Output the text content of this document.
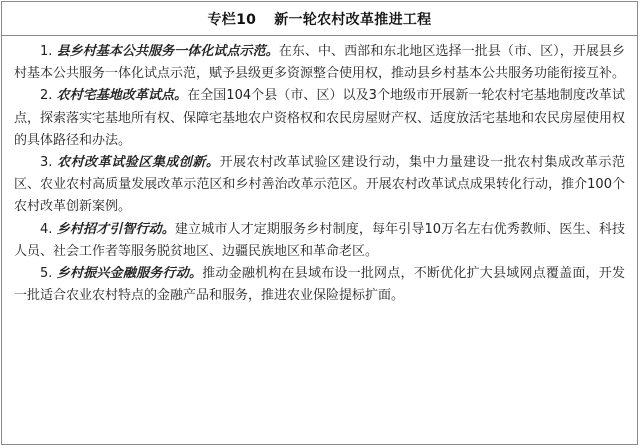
专栏10 新一轮农村改革推进工程

1. 县乡村基本公共服务一体化试点示范。在东、中、西部和东北地区选择一批县（市、区），开展县乡村基本公共服务一体化试点示范，赋予县级更多资源整合使用权，推动县乡村基本公共服务功能衔接互补。

2. 农村宅基地改革试点。在全国104个县（市、区）以及3个地级市开展新一轮农村宅基地制度改革试点，探索落实宅基地所有权、保障宅基地农户资格权和农民房屋财产权、适度放活宅基地和农民房屋使用权的具体路径和办法。

3. 农村改革试验区集成创新。开展农村改革试验区建设行动，集中力量建设一批农村集成改革示范区、农业农村高质量发展改革示范区和乡村善治改革示范区。开展农村改革试点成果转化行动，推介100个农村改革创新案例。

4. 乡村招才引智行动。建立城市人才定期服务乡村制度，每年引导10万名左右优秀教师、医生、科技人员、社会工作者等服务脱贫地区、边疆民族地区和革命老区。

5. 乡村振兴金融服务行动。推动金融机构在县域布设一批网点，不断优化扩大县域网点覆盖面，开发一批适合农业农村特点的金融产品和服务，推进农业保险提标扩面。
